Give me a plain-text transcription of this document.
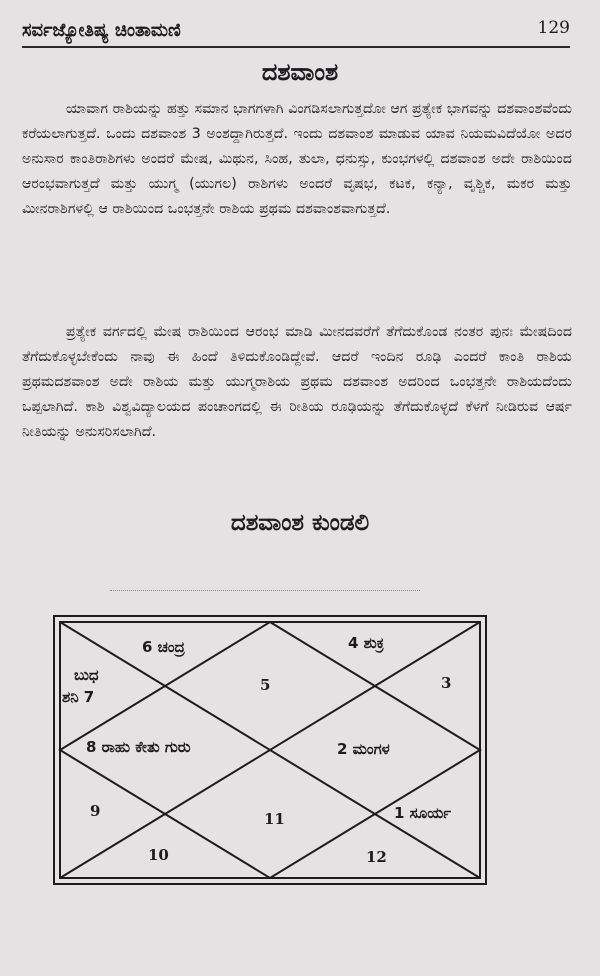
ಸರ್ವಜ್ಯೋತಿಷ್ಯ ಚಿಂತಾಮಣಿ	129
ದಶವಾಂಶ

ಯಾವಾಗ ರಾಶಿಯನ್ನು ಹತ್ತು ಸಮಾನ ಭಾಗಗಳಾಗಿ ವಿಂಗಡಿಸಲಾಗುತ್ತದೋ ಆಗ ಪ್ರತ್ಯೇಕ ಭಾಗವನ್ನು ದಶವಾಂಶವೆಂದು ಕರೆಯಲಾಗುತ್ತದೆ. ಒಂದು ದಶವಾಂಶ 3 ಅಂಶದ್ದಾಗಿರುತ್ತದೆ. ಇಂದು ದಶವಾಂಶ ಮಾಡುವ ಯಾವ ನಿಯಮವಿದೆಯೋ ಅದರ ಅನುಸಾರ ಕಾಂತಿರಾಶಿಗಳು ಅಂದರೆ ಮೇಷ, ಮಿಥುನ, ಸಿಂಹ, ತುಲಾ, ಧನುಸ್ಸು, ಕುಂಭಗಳಲ್ಲಿ ದಶವಾಂಶ ಅದೇ ರಾಶಿಯಿಂದ ಆರಂಭವಾಗುತ್ತದೆ ಮತ್ತು ಯುಗ್ಮ (ಯುಗಲ) ರಾಶಿಗಳು ಅಂದರೆ ವೃಷಭ, ಕಟಕ, ಕನ್ಯಾ, ವೃಶ್ಚಿಕ, ಮಕರ ಮತ್ತು ಮೀನರಾಶಿಗಳಲ್ಲಿ ಆ ರಾಶಿಯಿಂದ ಒಂಭತ್ತನೇ ರಾಶಿಯ ಪ್ರಥಮ ದಶವಾಂಶವಾಗುತ್ತದೆ.

ಪ್ರತ್ಯೇಕ ವರ್ಗದಲ್ಲಿ ಮೇಷ ರಾಶಿಯಿಂದ ಆರಂಭ ಮಾಡಿ ಮೀನದವರೆಗೆ ತೆಗೆದುಕೊಂಡ ನಂತರ ಪುನಃ ಮೇಷದಿಂದ ತೆಗೆದುಕೊಳ್ಳಬೇಕೆಂದು ನಾವು ಈ ಹಿಂದೆ ತಿಳಿದುಕೊಂಡಿದ್ದೇವೆ. ಆದರೆ ಇಂದಿನ ರೂಢಿ ಎಂದರೆ ಕಾಂತಿ ರಾಶಿಯ ಪ್ರಥಮದಶವಾಂಶ ಅದೇ ರಾಶಿಯ ಮತ್ತು ಯುಗ್ಮರಾಶಿಯ ಪ್ರಥಮ ದಶವಾಂಶ ಅದರಿಂದ ಒಂಭತ್ತನೇ ರಾಶಿಯದೆಂದು ಒಪ್ಪಲಾಗಿದೆ. ಕಾಶಿ ವಿಶ್ವವಿದ್ಯಾಲಯದ ಪಂಚಾಂಗದಲ್ಲಿ ಈ ರೀತಿಯ ರೂಢಿಯನ್ನು ತೆಗೆದುಕೊಳ್ಳದೆ ಕೆಳಗೆ ನೀಡಿರುವ ಆರ್ಷ ನೀತಿಯನ್ನು ಅನುಸರಿಸಲಾಗಿದೆ.

ದಶವಾಂಶ ಕುಂಡಲಿ
6 ಚಂದ್ರ	4 ಶುಕ್ರ
ಬುಧ
ಶನಿ 7
5	3
8 ರಾಹು ಕೇತು ಗುರು	2 ಮಂಗಳ
9	11	1 ಸೂರ್ಯ
10	12
